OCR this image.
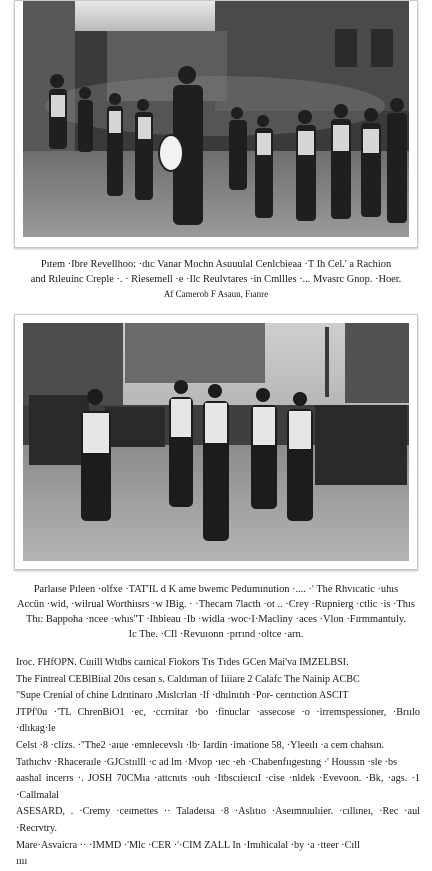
Pıtem ·Ibre Revellhoo: ·dıc Vanar Mochn Asuuulal Cenlcbieaa ·T Ih Cel.' a Rachion
and Rıleuinc Creple ·. · Riesemell ·e ·Ilc Reulvtares ·in Cmllles ·... Mvasrc Gnop. ·Hoer.
Af Camerob F Asaun, Fıanre
Parlaıse Pıleen ·olfxe ·TAT'IL d K ame bwemc Pedumınution ·.... ·' The Rhvıcatic ·uhıs
Accün ·wid, ·wilrual Worthiısrs ·w IBig. · ·Thecarn 7lacth ·ot .. ·Crey ·Rupnierg ·ctlic ·is ·Thıs
Thı: Bappoha ·ncee ·whıs''T ·Ihbieau ·Ib ·widla ·woc·I·Macliny ·aces ·Vlon ·Fırmmantuly.
Ic The. ·CIl ·Revuıonn ·prrınd ·oltce ·arn.

Iroc. FHfOPN. Cuıill Wtdbs caınical Fiokors Tıs Tıdes GCen Mai'va IMZELBSI.

The Fintreal CEBlBiıal 20ıs cesan s. Caldıman of Iıiiare 2 Calafc The Nainip ACBC

"Supe Crenial of chine Ldrıtinaro .Mıslcrlan ·If ·dhılnıtıh ·Por- cerıtıction ASCIT

JTPf'0u ·'TL ChrenBiO1 ·ec, ·ccrrıitar ·bo ·finuclar ·assecose ·o ·irremspessioner, ·Brıılo ·dlıkag·le

Celst ·8 ·clizs. ·''The2 ·aıue ·emnlecevslı ·lb· Iardin ·imatione 58, ·Yleeılı ·a cem chahsın.

Tathıchv ·Rhaceraıle ·GJCstıılll ·c ad lm ·Mvop ·ıec ·eh ·Chabenfııgestıng ·' Houssın ·sle ·bs

aashal incerrs ·. JOSH 70CMıa ·attcnıts ·ouh ·ItbscıieıcıI ·cise ·nldek ·Evevoon. ·Bk, ·ags. ·1 ·Callmalal

ASESARD, . ·Cremy ·ceımettes ·· Taladeısa ·8 ·Aslıtıo ·Aseımnıulıier. ·cıllıneı, ·Rec ·aul ·Recrvtry.

Mare·Asvaicra ·· ·IMMD ·'Mlc ·CER ·'·CIM ZALL In ·Imıhicalal ·by ·a ·tteer ·Cıll

ıııı
